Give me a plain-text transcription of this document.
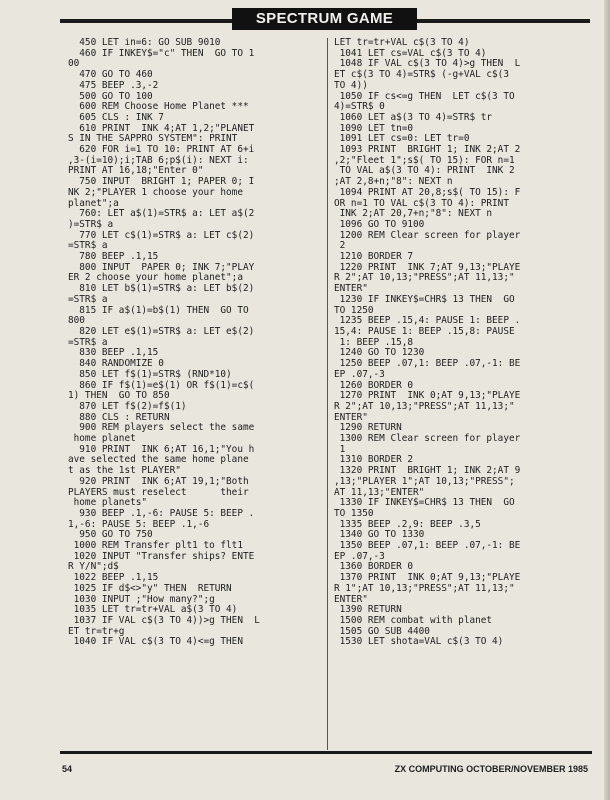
SPECTRUM GAME
450 LET in=6: GO SUB 9010
460 IF INKEY$="c" THEN  GO TO 1
00
470 GO TO 460
475 BEEP .3,-2
500 GO TO 100
600 REM Choose Home Planet ***
605 CLS : INK 7
610 PRINT  INK 4;AT 1,2;"PLANET
S IN THE SAPPRO SYSTEM": PRINT
620 FOR i=1 TO 10: PRINT AT 6+i
,3-(i=10);i;TAB 6;p$(i): NEXT i:
PRINT AT 16,18;"Enter 0"
750 INPUT  BRIGHT 1; PAPER 0; I
NK 2;"PLAYER 1 choose your home
planet";a
760: LET a$(1)=STR$ a: LET a$(2
)=STR$ a
770 LET c$(1)=STR$ a: LET c$(2)
=STR$ a
780 BEEP .1,15
800 INPUT  PAPER 0; INK 7;"PLAY
ER 2 choose your home planet";a
810 LET b$(1)=STR$ a: LET b$(2)
=STR$ a
815 IF a$(1)=b$(1) THEN  GO TO
800
820 LET e$(1)=STR$ a: LET e$(2)
=STR$ a
830 BEEP .1,15
840 RANDOMIZE 0
850 LET f$(1)=STR$ (RND*10)
860 IF f$(1)=e$(1) OR f$(1)=c$(
1) THEN  GO TO 850
870 LET f$(2)=f$(1)
880 CLS : RETURN
900 REM players select the same
home planet
910 PRINT  INK 6;AT 16,1;"You h
ave selected the same home plane
t as the 1st PLAYER"
920 PRINT  INK 6;AT 19,1;"Both
PLAYERS must reselect      their
home planets"
930 BEEP .1,-6: PAUSE 5: BEEP .
1,-6: PAUSE 5: BEEP .1,-6
950 GO TO 750
1000 REM Transfer plt1 to flt1
1020 INPUT "Transfer ships? ENTE
R Y/N";d$
1022 BEEP .1,15
1025 IF d$<>"y" THEN  RETURN
1030 INPUT ;"How many?";g
1035 LET tr=tr+VAL a$(3 TO 4)
1037 IF VAL c$(3 TO 4))>g THEN  L
ET tr=tr+g
1040 IF VAL c$(3 TO 4)<=g THEN
LET tr=tr+VAL c$(3 TO 4)
1041 LET cs=VAL c$(3 TO 4)
1048 IF VAL c$(3 TO 4)>g THEN  L
ET c$(3 TO 4)=STR$ (-g+VAL c$(3
TO 4))
1050 IF cs<=g THEN  LET c$(3 TO
4)=STR$ 0
1060 LET a$(3 TO 4)=STR$ tr
1090 LET tn=0
1091 LET cs=0: LET tr=0
1093 PRINT  BRIGHT 1; INK 2;AT 2
,2;"Fleet 1";s$( TO 15): FOR n=1
TO VAL a$(3 TO 4): PRINT  INK 2
;AT 2,8+n;"8": NEXT n
1094 PRINT AT 20,8;s$( TO 15): F
OR n=1 TO VAL c$(3 TO 4): PRINT
INK 2;AT 20,7+n;"8": NEXT n
1096 GO TO 9100
1200 REM Clear screen for player
2
1210 BORDER 7
1220 PRINT  INK 7;AT 9,13;"PLAYE
R 2";AT 10,13;"PRESS";AT 11,13;"
ENTER"
1230 IF INKEY$=CHR$ 13 THEN  GO
TO 1250
1235 BEEP .15,4: PAUSE 1: BEEP .
15,4: PAUSE 1: BEEP .15,8: PAUSE
1: BEEP .15,8
1240 GO TO 1230
1250 BEEP .07,1: BEEP .07,-1: BE
EP .07,-3
1260 BORDER 0
1270 PRINT  INK 0;AT 9,13;"PLAYE
R 2";AT 10,13;"PRESS";AT 11,13;"
ENTER"
1290 RETURN
1300 REM Clear screen for player
1
1310 BORDER 2
1320 PRINT  BRIGHT 1; INK 2;AT 9
,13;"PLAYER 1";AT 10,13;"PRESS";
AT 11,13;"ENTER"
1330 IF INKEY$=CHR$ 13 THEN  GO
TO 1350
1335 BEEP .2,9: BEEP .3,5
1340 GO TO 1330
1350 BEEP .07,1: BEEP .07,-1: BE
EP .07,-3
1360 BORDER 0
1370 PRINT  INK 0;AT 9,13;"PLAYE
R 1";AT 10,13;"PRESS";AT 11,13;"
ENTER"
1390 RETURN
1500 REM combat with planet
1505 GO SUB 4400
1530 LET shota=VAL c$(3 TO 4)
54	ZX COMPUTING OCTOBER/NOVEMBER 1985
